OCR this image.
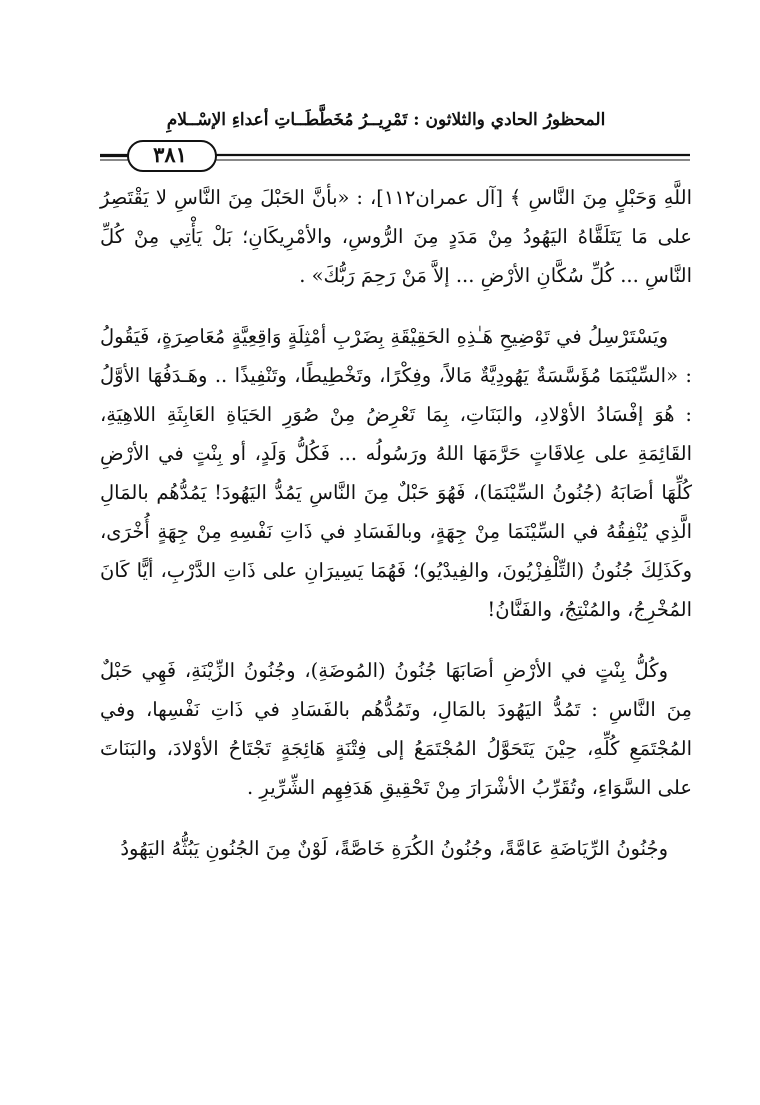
المحظورُ الحادي والثلاثون : تَمْرِيــرُ مُخَطَّطَــاتِ أعداءِ الإسْــلامِ
٣٨١

اللَّهِ وَحَبْلٍ مِنَ النَّاسِ ﴾ [آل عمران١١٢]، : «بأنَّ الحَبْلَ مِنَ النَّاسِ لا يَقْتَصِرُ على مَا يَتَلَقَّاهُ اليَهُودُ مِنْ مَدَدٍ مِنَ الرُّوسِ، والأمْرِيكَانِ؛ بَلْ يَأْتِي مِنْ كُلِّ النَّاسِ ... كُلِّ سُكَّانِ الأرْضِ ... إلاَّ مَنْ رَحِمَ رَبُّكَ» .

ويَسْتَرْسِلُ في تَوْضِيحِ هَـٰذِهِ الحَقِيْقَةِ بِضَرْبِ أمْثِلَةٍ وَاقِعِيَّةٍ مُعَاصِرَةٍ، فَيَقُولُ : «السِّيْنَمَا مُؤَسَّسَةٌ يَهُودِيَّةٌ مَالاً، وفِكْرًا، وتَخْطِيطًا، وتَنْفِيذًا .. وهَـدَفُهَا الأوَّلُ : هُوَ إفْسَادُ الأوْلادِ، والبَنَاتِ، بِمَا تَعْرِضُ مِنْ صُوَرِ الحَيَاةِ العَابِثَةِ اللاهِيَةِ، القَائِمَةِ على عِلاقَاتٍ حَرَّمَهَا اللهُ ورَسُولُه ... فَكُلُّ وَلَدٍ، أو بِنْتٍ في الأرْضِ كُلِّهَا أصَابَهُ (جُنُونُ السِّيْنَمَا)، فَهُوَ حَبْلٌ مِنَ النَّاسِ يَمُدُّ اليَهُودَ! يَمُدُّهُم بالمَالِ الَّذِي يُنْفِقُهُ في السِّيْنَمَا مِنْ جِهَةٍ، وبالفَسَادِ في ذَاتِ نَفْسِهِ مِنْ جِهَةٍ أُخْرَى، وكَذَلِكَ جُنُونُ (التِّلْفِزْيُونَ، والفِيدْيُو)؛ فَهُمَا يَسِيرَانِ على ذَاتِ الدَّرْبِ، أيًّا كَانَ المُخْرِجُ، والمُنْتِجُ، والفَنَّانُ!

وكُلُّ بِنْتٍ في الأرْضِ أصَابَهَا جُنُونُ (المُوضَةِ)، وجُنُونُ الزِّيْنَةِ، فَهِي حَبْلٌ مِنَ النَّاسِ : تَمُدُّ اليَهُودَ بالمَالِ، وتَمُدُّهُم بالفَسَادِ في ذَاتِ نَفْسِها، وفي المُجْتَمَعِ كُلِّهِ، حِيْنَ يَتَحَوَّلُ المُجْتَمَعُ إلى فِتْنَةٍ هَائِجَةٍ تَجْتَاحُ الأوْلادَ، والبَنَاتَ على السَّوَاءِ، وتُقَرِّبُ الأشْرَارَ مِنْ تَحْقِيقِ هَدَفِهِم الشِّرِّيرِ .

وجُنُونُ الرِّيَاضَةِ عَامَّةً، وجُنُونُ الكُرَةِ خَاصَّةً، لَوْنٌ مِنَ الجُنُونِ يَبُثُّهُ اليَهُودُ
